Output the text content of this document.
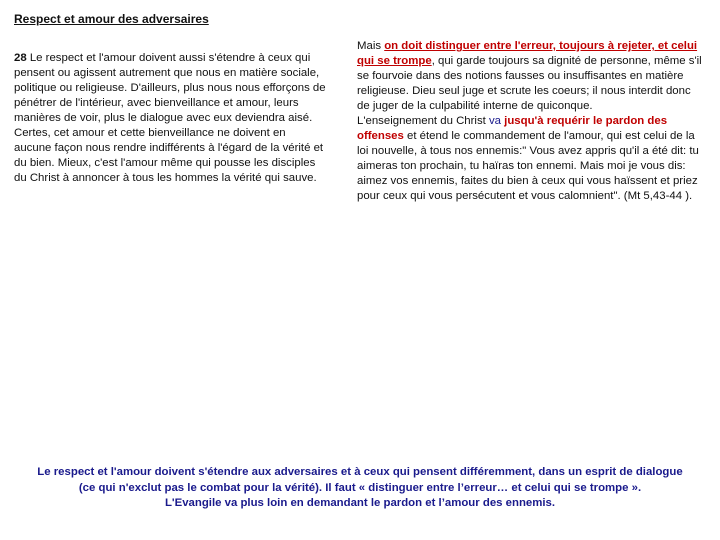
Respect et amour des adversaires

28 Le respect et l'amour doivent aussi s'étendre à ceux qui pensent ou agissent autrement que nous en matière sociale, politique ou religieuse. D'ailleurs, plus nous nous efforçons de pénétrer de l'intérieur, avec bienveillance et amour, leurs manières de voir, plus le dialogue avec eux deviendra aisé.

Certes, cet amour et cette bienveillance ne doivent en aucune façon nous rendre indifférents à l'égard de la vérité et du bien. Mieux, c'est l'amour même qui pousse les disciples du Christ à annoncer à tous les hommes la vérité qui sauve.

Mais on doit distinguer entre l'erreur, toujours à rejeter, et celui qui se trompe, qui garde toujours sa dignité de personne, même s'il se fourvoie dans des notions fausses ou insuffisantes en matière religieuse. Dieu seul juge et scrute les coeurs; il nous interdit donc de juger de la culpabilité interne de quiconque.

L'enseignement du Christ va jusqu'à requérir le pardon des offenses et étend le commandement de l'amour, qui est celui de la loi nouvelle, à tous nos ennemis:" Vous avez appris qu'il a été dit: tu aimeras ton prochain, tu haïras ton ennemi. Mais moi je vous dis: aimez vos ennemis, faites du bien à ceux qui vous haïssent et priez pour ceux qui vous persécutent et vous calomnient". (Mt 5,43-44 ).

Le respect et l'amour doivent s'étendre aux adversaires et à ceux qui pensent différemment, dans un esprit de dialogue

(ce qui n'exclut pas le combat pour la vérité). Il faut « distinguer entre l’erreur… et celui qui se trompe ».

L'Evangile va plus loin en demandant le pardon et l’amour des ennemis.
